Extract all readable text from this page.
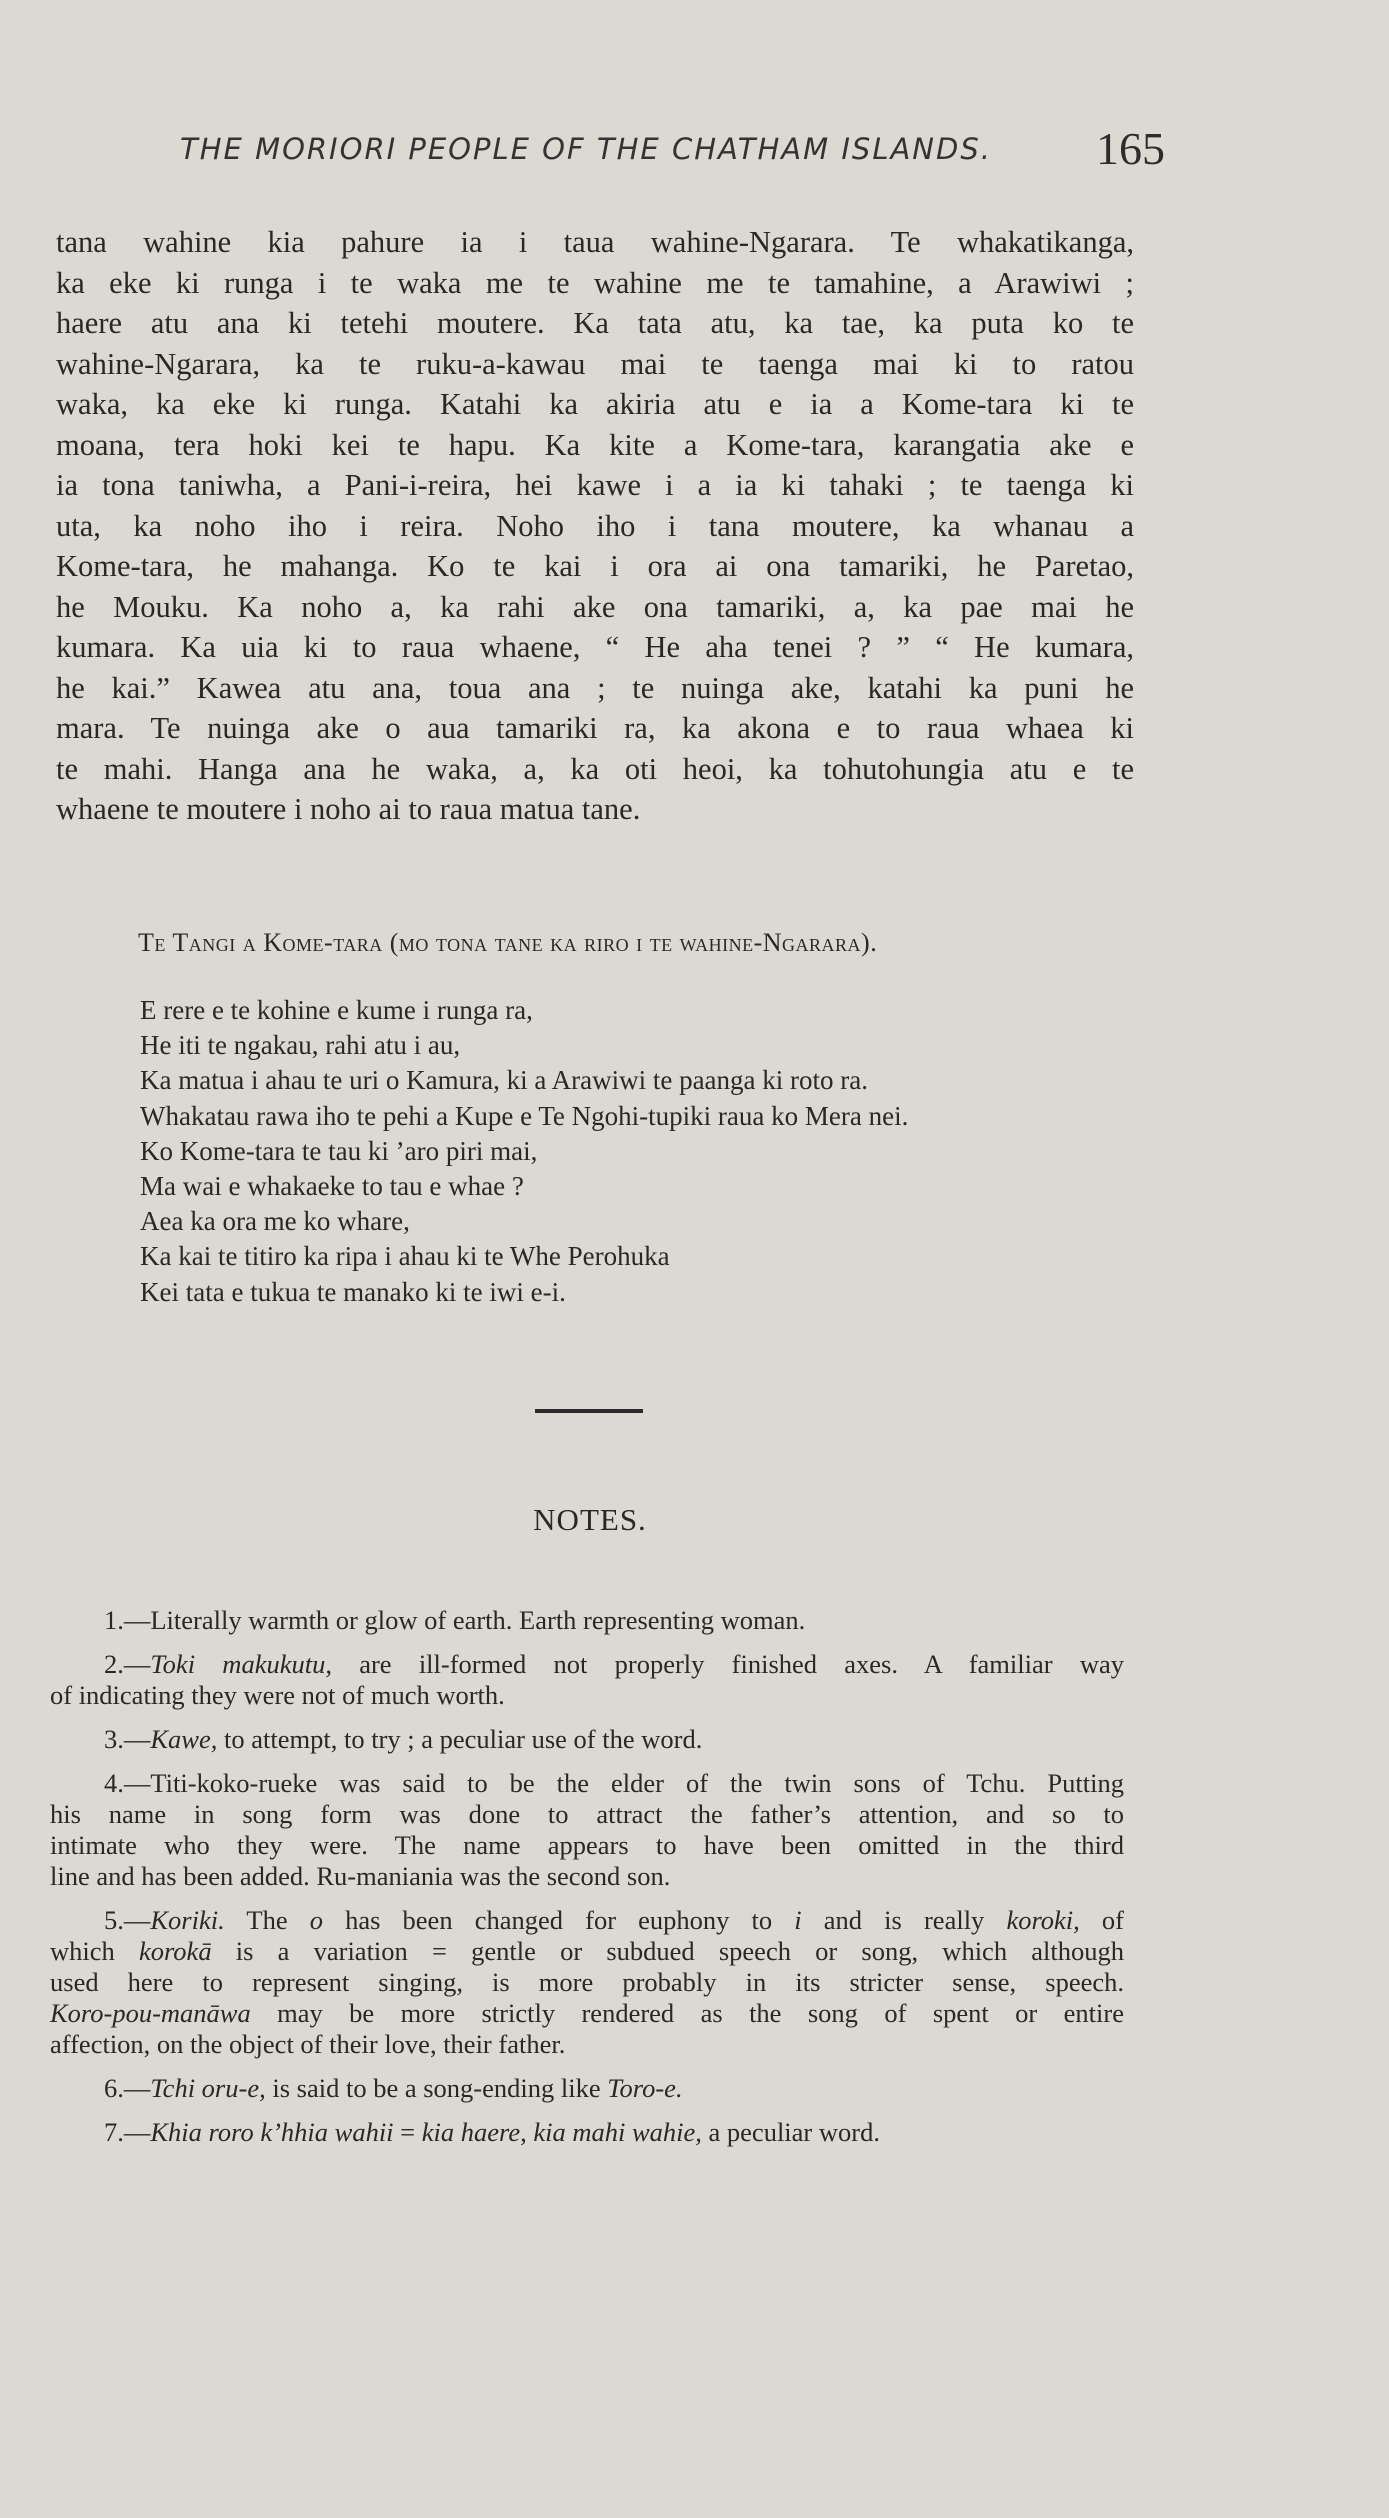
THE MORIORI PEOPLE OF THE CHATHAM ISLANDS. 165
tana wahine kia pahure ia i taua wahine-Ngarara. Te whakatikanga,
ka eke ki runga i te waka me te wahine me te tamahine, a Arawiwi ;
haere atu ana ki tetehi moutere. Ka tata atu, ka tae, ka puta ko te
wahine-Ngarara, ka te ruku-a-kawau mai te taenga mai ki to ratou
waka, ka eke ki runga. Katahi ka akiria atu e ia a Kome-tara ki te
moana, tera hoki kei te hapu. Ka kite a Kome-tara, karangatia ake e
ia tona taniwha, a Pani-i-reira, hei kawe i a ia ki tahaki ; te taenga ki
uta, ka noho iho i reira. Noho iho i tana moutere, ka whanau a
Kome-tara, he mahanga. Ko te kai i ora ai ona tamariki, he Paretao,
he Mouku. Ka noho a, ka rahi ake ona tamariki, a, ka pae mai he
kumara. Ka uia ki to raua whaene, “ He aha tenei ? ” “ He kumara,
he kai.” Kawea atu ana, toua ana ; te nuinga ake, katahi ka puni he
mara. Te nuinga ake o aua tamariki ra, ka akona e to raua whaea ki
te mahi. Hanga ana he waka, a, ka oti heoi, ka tohutohungia atu e te
whaene te moutere i noho ai to raua matua tane.
Te Tangi a Kome-tara (mo tona tane ka riro i te wahine-Ngarara).
E rere e te kohine e kume i runga ra,
He iti te ngakau, rahi atu i au,
Ka matua i ahau te uri o Kamura, ki a Arawiwi te paanga ki roto ra.
Whakatau rawa iho te pehi a Kupe e Te Ngohi-tupiki raua ko Mera nei.
Ko Kome-tara te tau ki ’aro piri mai,
Ma wai e whakaeke to tau e whae ?
Aea ka ora me ko whare,
Ka kai te titiro ka ripa i ahau ki te Whe Perohuka
Kei tata e tukua te manako ki te iwi e-i.
NOTES.
1.—Literally warmth or glow of earth. Earth representing woman.
2.—Toki makukutu, are ill-formed not properly finished axes. A familiar way
of indicating they were not of much worth.
3.—Kawe, to attempt, to try ; a peculiar use of the word.
4.—Titi-koko-rueke was said to be the elder of the twin sons of Tchu. Putting
his name in song form was done to attract the father’s attention, and so to
intimate who they were. The name appears to have been omitted in the third
line and has been added. Ru-maniania was the second son.
5.—Koriki. The o has been changed for euphony to i and is really koroki, of
which korokā is a variation = gentle or subdued speech or song, which although
used here to represent singing, is more probably in its stricter sense, speech.
Koro-pou-manāwa may be more strictly rendered as the song of spent or entire
affection, on the object of their love, their father.
6.—Tchi oru-e, is said to be a song-ending like Toro-e.
7.—Khia roro k’hhia wahii = kia haere, kia mahi wahie, a peculiar word.
